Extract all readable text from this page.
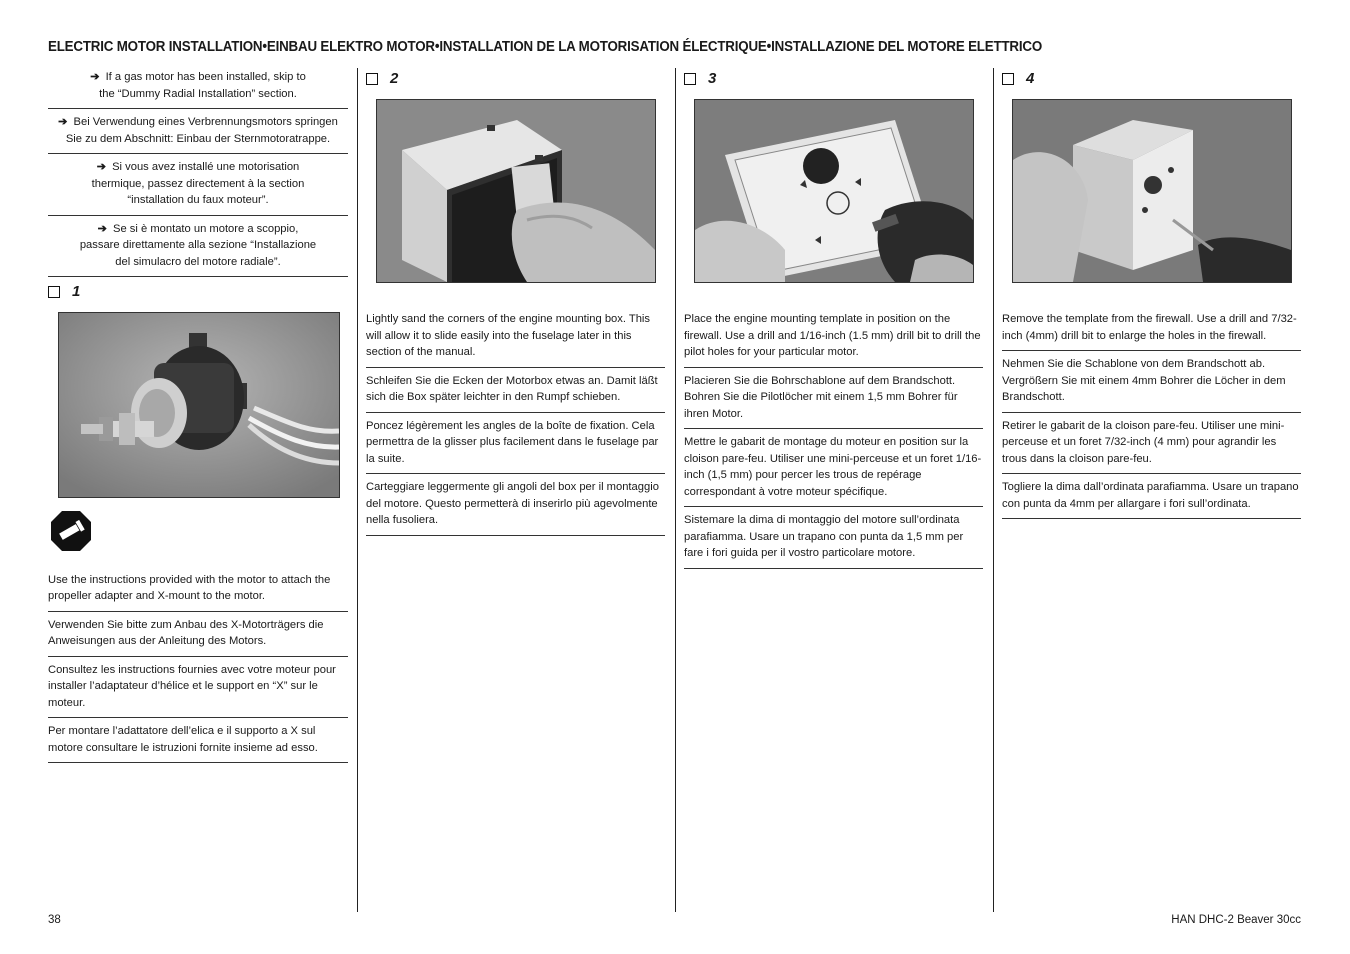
ELECTRIC MOTOR INSTALLATION•EINBAU ELEKTRO MOTOR•INSTALLATION DE LA MOTORISATION ÉLECTRIQUE•INSTALLAZIONE DEL MOTORE ELETTRICO
➔ If a gas motor has been installed, skip to
the “Dummy Radial Installation” section.
➔ Bei Verwendung eines Verbrennungsmotors springen
Sie zu dem Abschnitt: Einbau der Sternmotoratrappe.
➔ Si vous avez installé une motorisation
thermique, passez directement à la section
“installation du faux moteur”.
➔ Se si è montato un motore a scoppio,
passare direttamente alla sezione “Installazione
del simulacro del motore radiale”.
1
Use the instructions provided with the motor to attach the propeller adapter and X-mount to the motor.
Verwenden Sie bitte zum Anbau des X-Motorträgers die Anweisungen aus der Anleitung des Motors.
Consultez les instructions fournies avec votre moteur pour installer l’adaptateur d’hélice et le support en “X” sur le moteur.
Per montare l’adattatore dell’elica e il supporto a X sul motore consultare le istruzioni fornite insieme ad esso.
2
Lightly sand the corners of the engine mounting box. This will allow it to slide easily into the fuselage later in this section of the manual.
Schleifen Sie die Ecken der Motorbox etwas an. Damit läßt sich die Box später leichter in den Rumpf schieben.
Poncez légèrement les angles de la boîte de fixation. Cela permettra de la glisser plus facilement dans le fuselage par la suite.
Carteggiare leggermente gli angoli del box per il montaggio del motore. Questo permetterà di inserirlo più agevolmente nella fusoliera.
3
Place the engine mounting template in position on the firewall. Use a drill and 1/16-inch (1.5 mm) drill bit to drill the pilot holes for your particular motor.
Placieren Sie die Bohrschablone auf dem Brandschott. Bohren Sie die Pilotlöcher mit einem 1,5 mm Bohrer für ihren Motor.
Mettre le gabarit de montage du moteur en position sur la cloison pare-feu. Utiliser une mini-perceuse et un foret 1/16-inch (1,5 mm) pour percer les trous de repérage correspondant à votre moteur spécifique.
Sistemare la dima di montaggio del motore sull’ordinata parafiamma. Usare un trapano con punta da 1,5 mm per fare i fori guida per il vostro particolare motore.
4
Remove the template from the firewall. Use a drill and 7/32-inch (4mm) drill bit to enlarge the holes in the firewall.
Nehmen Sie die Schablone von dem Brandschott ab. Vergrößern Sie mit einem 4mm Bohrer die Löcher in dem Brandschott.
Retirer le gabarit de la cloison pare-feu. Utiliser une mini-perceuse et un foret 7/32-inch (4 mm) pour agrandir les trous dans la cloison pare-feu.
Togliere la dima dall’ordinata parafiamma. Usare un trapano con punta da 4mm per allargare i fori sull’ordinata.
38	HAN DHC-2 Beaver 30cc
